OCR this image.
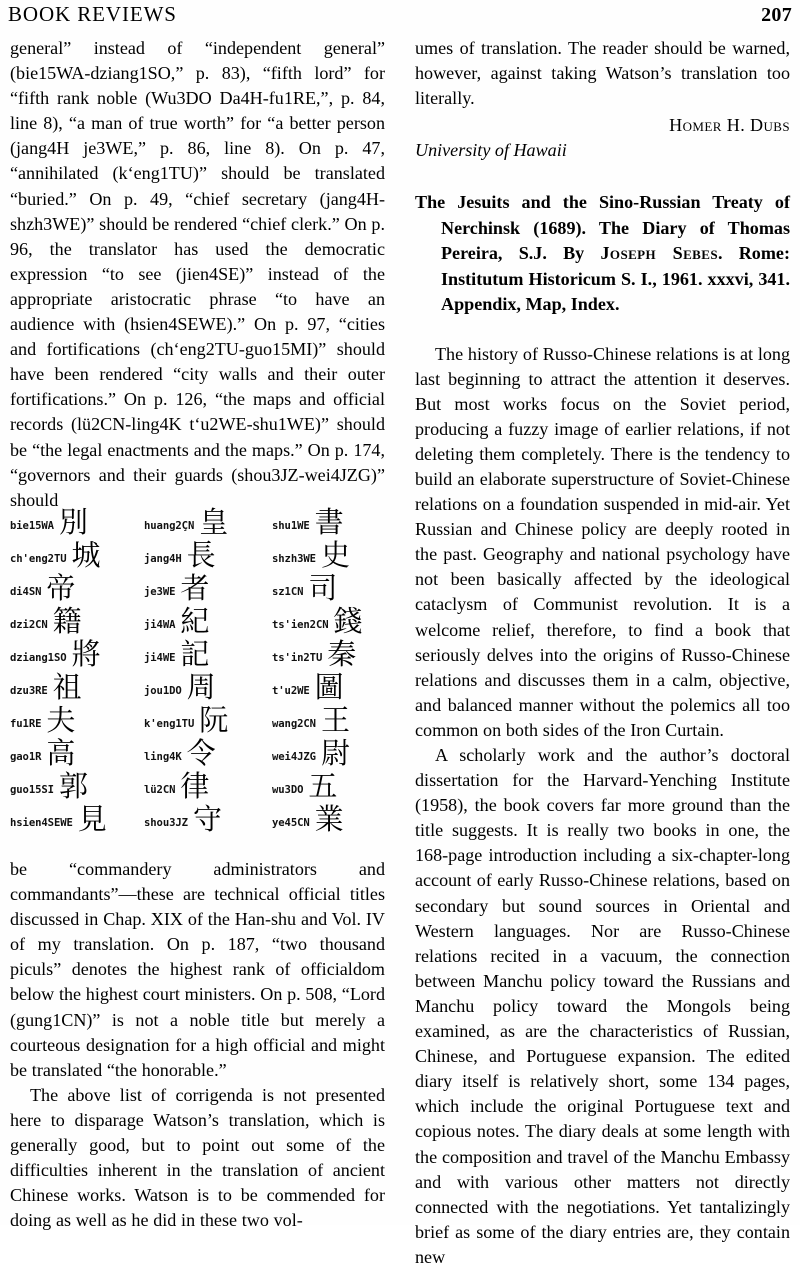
BOOK REVIEWS	207

general” instead of “independent general” (bie15WA-dziang1SO,” p. 83), “fifth lord” for “fifth rank noble (Wu3DO Da4H-fu1RE,”, p. 84, line 8), “a man of true worth” for “a better person (jang4H je3WE,” p. 86, line 8). On p. 47, “annihilated (k‘eng1TU)” should be translated “buried.” On p. 49, “chief secretary (jang4H-shzh3WE)” should be rendered “chief clerk.” On p. 96, the translator has used the democratic expression “to see (jien4SE)” instead of the appropriate aristocratic phrase “to have an audience with (hsien4SEWE).” On p. 97, “cities and fortifications (ch‘eng2TU-guo15MI)” should have been rendered “city walls and their outer fortifications.” On p. 126, “the maps and official records (lü2CN-ling4K t‘u2WE-shu1WE)” should be “the legal enactments and the maps.” On p. 174, “governors and their guards (shou3JZ-wei4JZG)” should

bie15WA 別
ch'eng2TU 城
di4SN 帝
dzi2CN 籍
dziang1SO 將
dzu3RE 祖
fu1RE 夫
gao1R 高
guo15SI 郭
hsien4SEWE 見
huang2ÇN 皇
jang4H 長
je3WE 者
ji4WA 紀
ji4WE 記
jou1DO 周
k'eng1TU 阮
ling4K 令
lü2CN 律
shou3JZ 守
shu1WE 書
shzh3WE 史
sz1CN 司
ts'ien2CN 錢
ts'in2TU 秦
t'u2WE 圖
wang2CN 王
wei4JZG 尉
wu3DO 五
ye45CN 業

be “commandery administrators and commandants”—these are technical official titles discussed in Chap. XIX of the Han-shu and Vol. IV of my translation. On p. 187, “two thousand piculs” denotes the highest rank of officialdom below the highest court ministers. On p. 508, “Lord (gung1CN)” is not a noble title but merely a courteous designation for a high official and might be translated “the honorable.”

The above list of corrigenda is not presented here to disparage Watson’s translation, which is generally good, but to point out some of the difficulties inherent in the translation of ancient Chinese works. Watson is to be commended for doing as well as he did in these two vol-

umes of translation. The reader should be warned, however, against taking Watson’s translation too literally.

Homer H. Dubs

University of Hawaii

The Jesuits and the Sino-Russian Treaty of Nerchinsk (1689). The Diary of Thomas Pereira, S.J. By Joseph Sebes. Rome: Institutum Historicum S. I., 1961. xxxvi, 341. Appendix, Map, Index.

The history of Russo-Chinese relations is at long last beginning to attract the attention it deserves. But most works focus on the Soviet period, producing a fuzzy image of earlier relations, if not deleting them completely. There is the tendency to build an elaborate superstructure of Soviet-Chinese relations on a foundation suspended in mid-air. Yet Russian and Chinese policy are deeply rooted in the past. Geography and national psychology have not been basically affected by the ideological cataclysm of Communist revolution. It is a welcome relief, therefore, to find a book that seriously delves into the origins of Russo-Chinese relations and discusses them in a calm, objective, and balanced manner without the polemics all too common on both sides of the Iron Curtain.

A scholarly work and the author’s doctoral dissertation for the Harvard-Yenching Institute (1958), the book covers far more ground than the title suggests. It is really two books in one, the 168-page introduction including a six-chapter-long account of early Russo-Chinese relations, based on secondary but sound sources in Oriental and Western languages. Nor are Russo-Chinese relations recited in a vacuum, the connection between Manchu policy toward the Russians and Manchu policy toward the Mongols being examined, as are the characteristics of Russian, Chinese, and Portuguese expansion. The edited diary itself is relatively short, some 134 pages, which include the original Portuguese text and copious notes. The diary deals at some length with the composition and travel of the Manchu Embassy and with various other matters not directly connected with the negotiations. Yet tantalizingly brief as some of the diary entries are, they contain new
